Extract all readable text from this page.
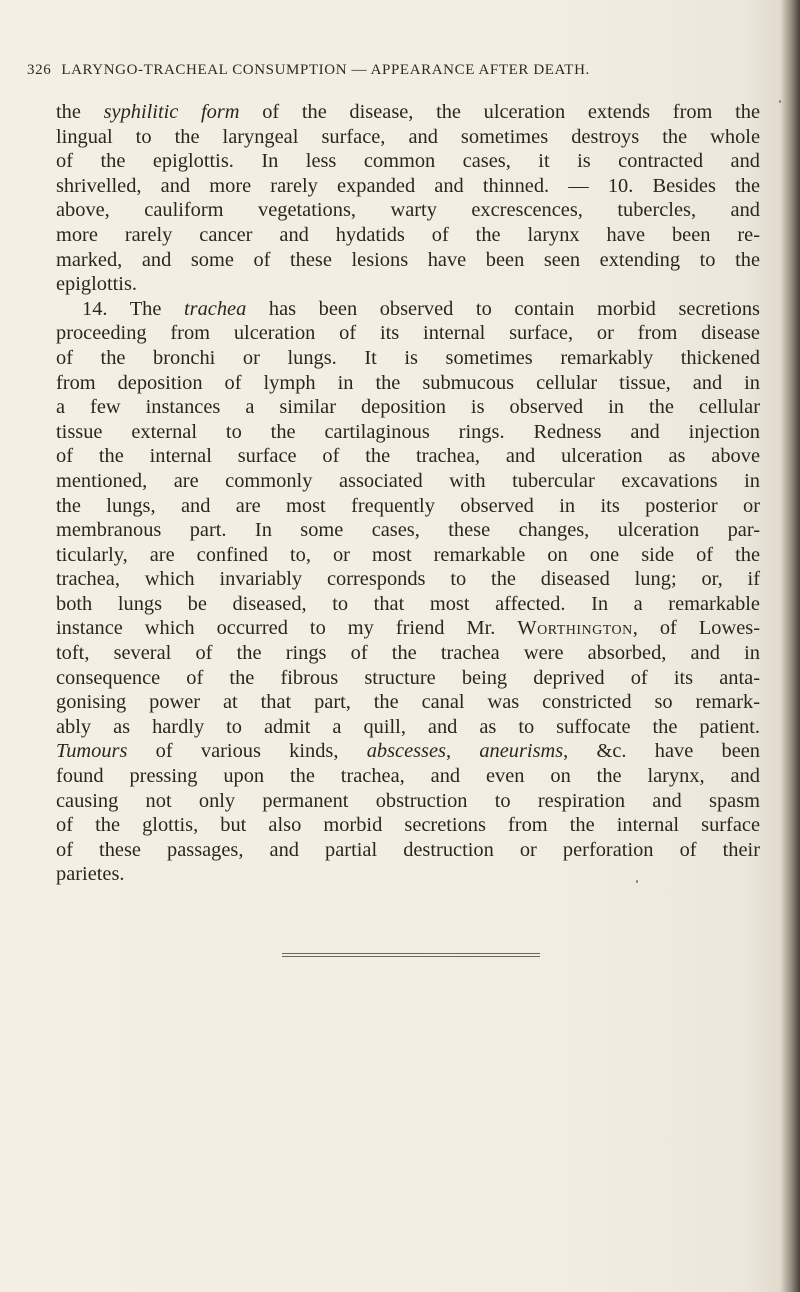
326 LARYNGO-TRACHEAL CONSUMPTION — APPEARANCE AFTER DEATH.
the syphilitic form of the disease, the ulceration extends from the
lingual to the laryngeal surface, and sometimes destroys the whole
of the epiglottis. In less common cases, it is contracted and
shrivelled, and more rarely expanded and thinned. — 10. Besides the
above, cauliform vegetations, warty excrescences, tubercles, and
more rarely cancer and hydatids of the larynx have been re-
marked, and some of these lesions have been seen extending to the
epiglottis.
14. The trachea has been observed to contain morbid secretions
proceeding from ulceration of its internal surface, or from disease
of the bronchi or lungs. It is sometimes remarkably thickened
from deposition of lymph in the submucous cellular tissue, and in
a few instances a similar deposition is observed in the cellular
tissue external to the cartilaginous rings. Redness and injection
of the internal surface of the trachea, and ulceration as above
mentioned, are commonly associated with tubercular excavations in
the lungs, and are most frequently observed in its posterior or
membranous part. In some cases, these changes, ulceration par-
ticularly, are confined to, or most remarkable on one side of the
trachea, which invariably corresponds to the diseased lung; or, if
both lungs be diseased, to that most affected. In a remarkable
instance which occurred to my friend Mr. Worthington, of Lowes-
toft, several of the rings of the trachea were absorbed, and in
consequence of the fibrous structure being deprived of its anta-
gonising power at that part, the canal was constricted so remark-
ably as hardly to admit a quill, and as to suffocate the patient.
Tumours of various kinds, abscesses, aneurisms, &c. have been
found pressing upon the trachea, and even on the larynx, and
causing not only permanent obstruction to respiration and spasm
of the glottis, but also morbid secretions from the internal surface
of these passages, and partial destruction or perforation of their
parietes.
